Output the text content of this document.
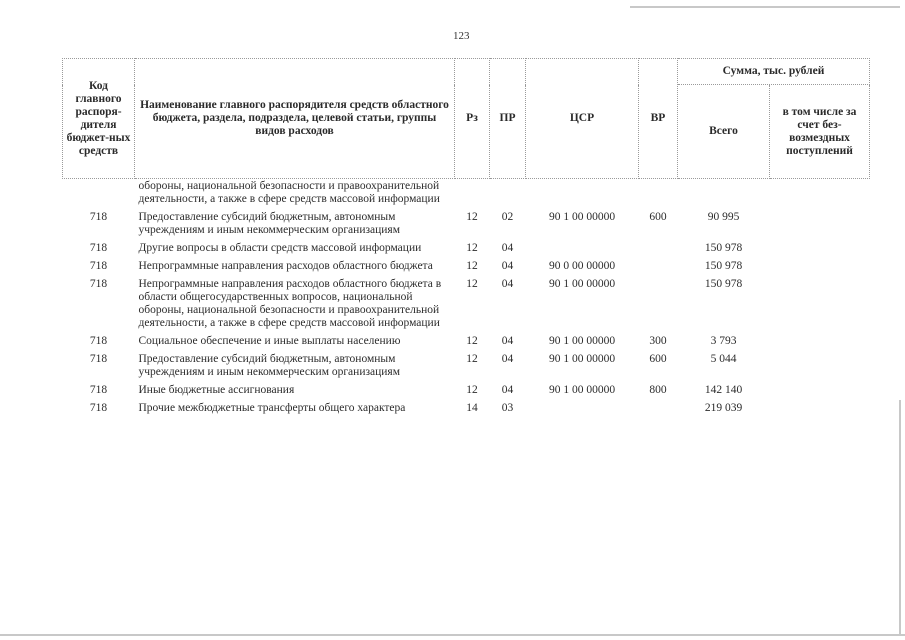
123
Код главного распоря-дителя бюджет-ных средств	Наименование главного распорядителя средств областного бюджета, раздела, подраздела, целевой статьи, группы видов расходов	Рз	ПР	ЦСР	ВР	Сумма, тыс. рублей	
						Всего	в том числе за счет без-возмездных поступлений
	обороны, национальной безопасности и правоохранительной деятельности, а также в сфере средств массовой информации						
718	Предоставление субсидий бюджетным, автономным учреждениям и иным некоммерческим организациям	12	02	90 1 00 00000	600	90 995	
718	Другие вопросы в области средств массовой информации	12	04			150 978	
718	Непрограммные направления расходов областного бюджета	12	04	90 0 00 00000		150 978	
718	Непрограммные направления расходов областного бюджета в области общегосударственных вопросов, национальной обороны, национальной безопасности и правоохранительной деятельности, а также в сфере средств массовой информации	12	04	90 1 00 00000		150 978	
718	Социальное обеспечение и иные выплаты населению	12	04	90 1 00 00000	300	3 793	
718	Предоставление субсидий бюджетным, автономным учреждениям и иным некоммерческим организациям	12	04	90 1 00 00000	600	5 044	
718	Иные бюджетные ассигнования	12	04	90 1 00 00000	800	142 140	
718	Прочие межбюджетные трансферты общего характера	14	03			219 039	
